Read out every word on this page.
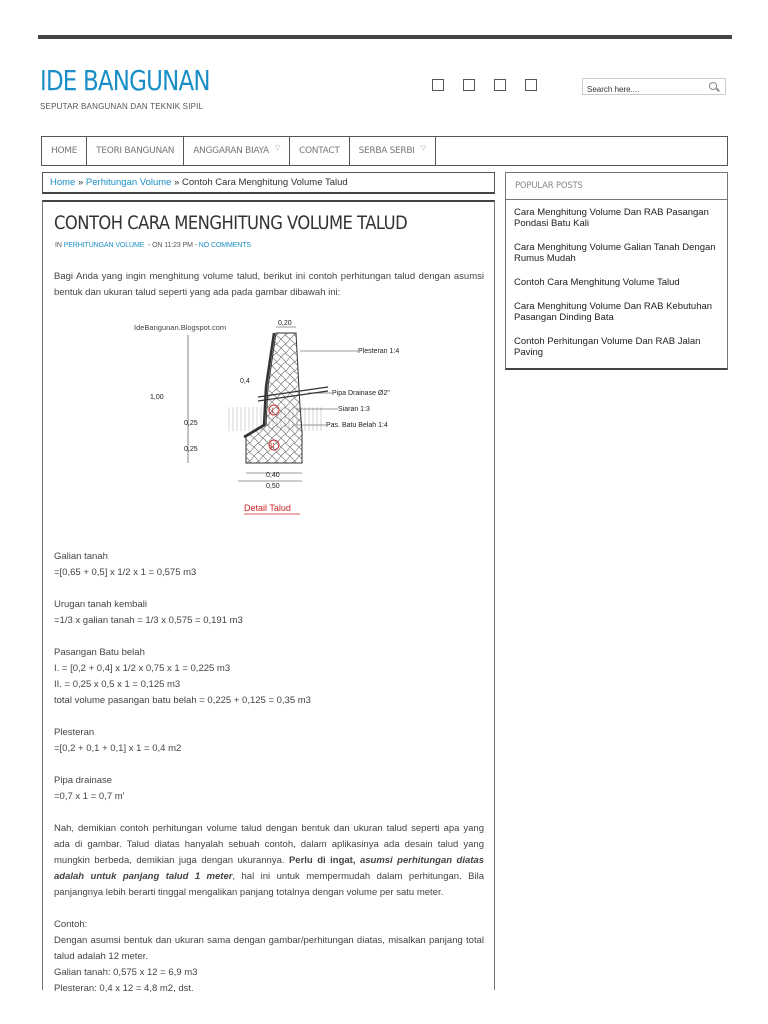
IDE BANGUNAN
SEPUTAR BANGUNAN DAN TEKNIK SIPIL
Search here....
HOME	TEORI BANGUNAN	ANGGARAN BIAYA ▽	CONTACT	SERBA SERBI ▽
Home » Perhitungan Volume » Contoh Cara Menghitung Volume Talud
CONTOH CARA MENGHITUNG VOLUME TALUD
IN PERHITUNGAN VOLUME  - ON 11:23 PM - NO COMMENTS

Bagi Anda yang ingin menghitung volume talud, berikut ini contoh perhitungan talud dengan asumsi bentuk dan ukuran talud seperti yang ada pada gambar dibawah ini:

IdeBangunan.Blogspot.com
I
II
0,20
1,00
0,4
0,25
0,25
Plesteran 1:4
Pipa Drainase Ø2"
Siaran 1:3
Pas. Batu Belah 1:4
0,40
0,50
Detail Talud

Galian tanah
=[0,65 + 0,5] x 1/2 x 1 = 0,575 m3

Urugan tanah kembali
=1/3 x galian tanah = 1/3 x 0,575 = 0,191 m3

Pasangan Batu belah
I. = [0,2 + 0,4] x 1/2 x 0,75 x 1 = 0,225 m3
II. = 0,25 x 0,5 x 1 = 0,125 m3
total volume pasangan batu belah = 0,225 + 0,125 = 0,35 m3

Plesteran
=[0,2 + 0,1 + 0,1] x 1 = 0,4 m2

Pipa drainase
=0,7 x 1 = 0,7 m'

Nah, demikian contoh perhitungan volume talud dengan bentuk dan ukuran talud seperti apa yang ada di gambar. Talud diatas hanyalah sebuah contoh, dalam aplikasinya ada desain talud yang mungkin berbeda, demikian juga dengan ukurannya. Perlu di ingat, asumsi perhitungan diatas adalah untuk panjang talud 1 meter, hal ini untuk mempermudah dalam perhitungan. Bila panjangnya lebih berarti tinggal mengalikan panjang totalnya dengan volume per satu meter.

Contoh:
Dengan asumsi bentuk dan ukuran sama dengan gambar/perhitungan diatas, misalkan panjang total talud adalah 12 meter.
Galian tanah: 0,575 x 12 = 6,9 m3
Plesteran: 0,4 x 12 = 4,8 m2, dst.

POPULAR POSTS
Cara Menghitung Volume Dan RAB Pasangan Pondasi Batu Kali
Cara Menghitung Volume Galian Tanah Dengan Rumus Mudah
Contoh Cara Menghitung Volume Talud
Cara Menghitung Volume Dan RAB Kebutuhan Pasangan Dinding Bata
Contoh Perhitungan Volume Dan RAB Jalan Paving
